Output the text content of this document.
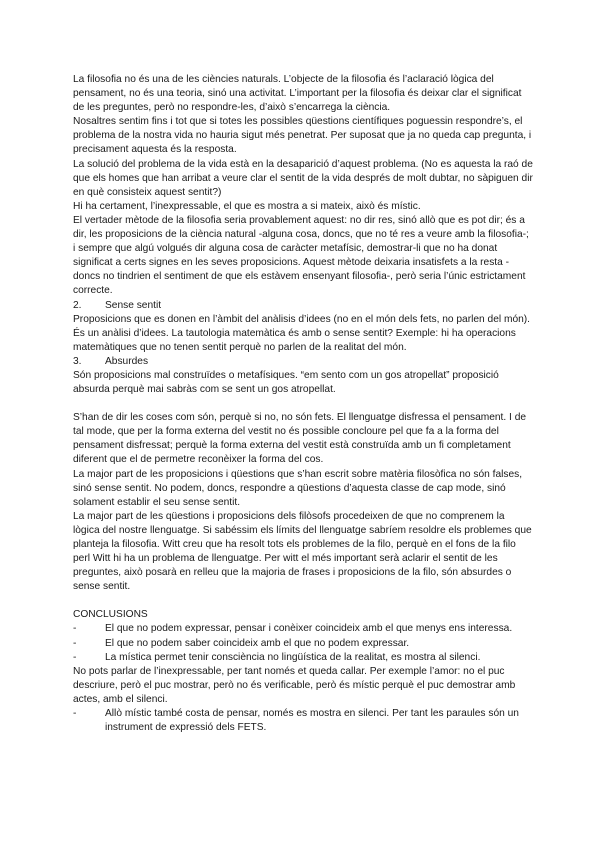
La filosofia no és una de les ciències naturals. L’objecte de la filosofia és l’aclaració lògica del pensament, no és una teoria, sinó una activitat. L’important per la filosofia és deixar clar el significat de les preguntes, però no respondre-les, d’això s’encarrega la ciència.

Nosaltres sentim fins i tot que si totes les possibles qüestions científiques poguessin respondre’s, el problema de la nostra vida no hauria sigut més penetrat. Per suposat que ja no queda cap pregunta, i precisament aquesta és la resposta.

La solució del problema de la vida està en la desaparició d’aquest problema. (No es aquesta la raó de que els homes que han arribat a veure clar el sentit de la vida després de molt dubtar, no sàpiguen dir en què consisteix aquest sentit?)

Hi ha certament, l’inexpressable, el que es mostra a si mateix, això és místic.

El vertader mètode de la filosofia seria provablement aquest: no dir res, sinó allò que es pot dir; és a dir, les proposicions de la ciència natural -alguna cosa, doncs, que no té res a veure amb la filosofia-; i sempre que algú volgués dir alguna cosa de caràcter metafísic, demostrar-li que no ha donat significat a certs signes en les seves proposicions. Aquest mètode deixaria insatisfets a la resta -doncs no tindrien el sentiment de que els estàvem ensenyant filosofia-, però seria l’únic estrictament correcte.

2.	Sense sentit

Proposicions que es donen en l’àmbit del anàlisis d’idees (no en el món dels fets, no parlen del món). És un anàlisi d’idees. La tautologia matemàtica és amb o sense sentit? Exemple: hi ha operacions matemàtiques que no tenen sentit perquè no parlen de la realitat del món.

3.	Absurdes

Són proposicions mal construïdes o metafísiques. “em sento com un gos atropellat” proposició absurda perquè mai sabràs com se sent un gos atropellat.

S’han de dir les coses com són, perquè si no, no són fets. El llenguatge disfressa el pensament. I de tal mode, que per la forma externa del vestit no és possible concloure pel que fa a la forma del pensament disfressat; perquè la forma externa del vestit està construïda amb un fi completament diferent que el de permetre reconèixer la forma del cos.

La major part de les proposicions i qüestions que s’han escrit sobre matèria filosòfica no són falses, sinó sense sentit. No podem, doncs, respondre a qüestions d’aquesta classe de cap mode, sinó solament establir el seu sense sentit.

La major part de les qüestions i proposicions dels filòsofs procedeixen de que no comprenem la lògica del nostre llenguatge. Si sabéssim els límits del llenguatge sabríem resoldre els problemes que planteja la filosofia. Witt creu que ha resolt tots els problemes de la filo, perquè en el fons de la filo perl Witt hi ha un problema de llenguatge. Per witt el més important serà aclarir el sentit de les preguntes, això posarà en relleu que la majoria de frases i proposicions de la filo, són absurdes o sense sentit.

CONCLUSIONS

-	El que no podem expressar, pensar i conèixer coincideix amb el que menys ens interessa.
-	El que no podem saber coincideix amb el que no podem expressar.
-	La mística permet tenir consciència no lingüística de la realitat, es mostra al silenci.

No pots parlar de l’inexpressable, per tant només et queda callar. Per exemple l’amor: no el puc descriure, però el puc mostrar, però no és verificable, però és místic perquè el puc demostrar amb actes, amb el silenci.

-	Allò místic també costa de pensar, només es mostra en silenci. Per tant les paraules són un instrument de expressió dels FETS.
